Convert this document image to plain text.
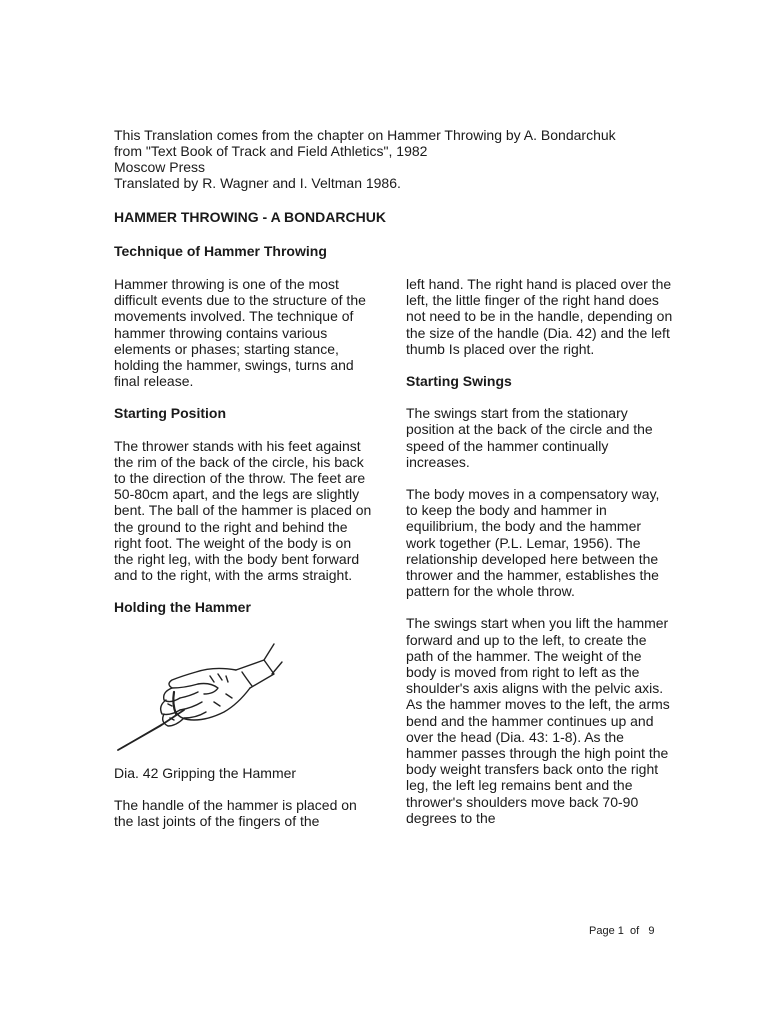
This Translation comes from the chapter on Hammer Throwing by A. Bondarchuk

from "Text Book of Track and Field Athletics", 1982

Moscow Press

Translated by R. Wagner and I. Veltman 1986.

HAMMER THROWING - A BONDARCHUK
Technique of Hammer Throwing

Hammer throwing is one of the most difficult events due to the structure of the movements involved. The technique of hammer throwing contains various elements or phases; starting stance, holding the hammer, swings, turns and final release.

Starting Position

The thrower stands with his feet against the rim of the back of the circle, his back to the direction of the throw. The feet are 50-80cm apart, and the legs are slightly bent. The ball of the hammer is placed on the ground to the right and behind the right foot. The weight of the body is on the right leg, with the body bent forward and to the right, with the arms straight.

Holding the Hammer

Dia. 42 Gripping the Hammer

The handle of the hammer is placed on the last joints of the fingers of the

left hand. The right hand is placed over the left, the little finger of the right hand does not need to be in the handle, depending on the size of the handle (Dia. 42) and the left thumb Is placed over the right.

Starting Swings

The swings start from the stationary position at the back of the circle and the speed of the hammer continually increases.

The body moves in a compensatory way, to keep the body and hammer in equilibrium, the body and the hammer work together (P.L. Lemar, 1956). The relationship developed here between the thrower and the hammer, establishes the pattern for the whole throw.

The swings start when you lift the hammer forward and up to the left, to create the path of the hammer. The weight of the body is moved from right to left as the shoulder's axis aligns with the pelvic axis. As the hammer moves to the left, the arms bend and the hammer continues up and over the head (Dia. 43: 1-8). As the hammer passes through the high point the body weight transfers back onto the right leg, the left leg remains bent and the thrower's shoulders move back 70-90 degrees to the

Page 1 of 9
